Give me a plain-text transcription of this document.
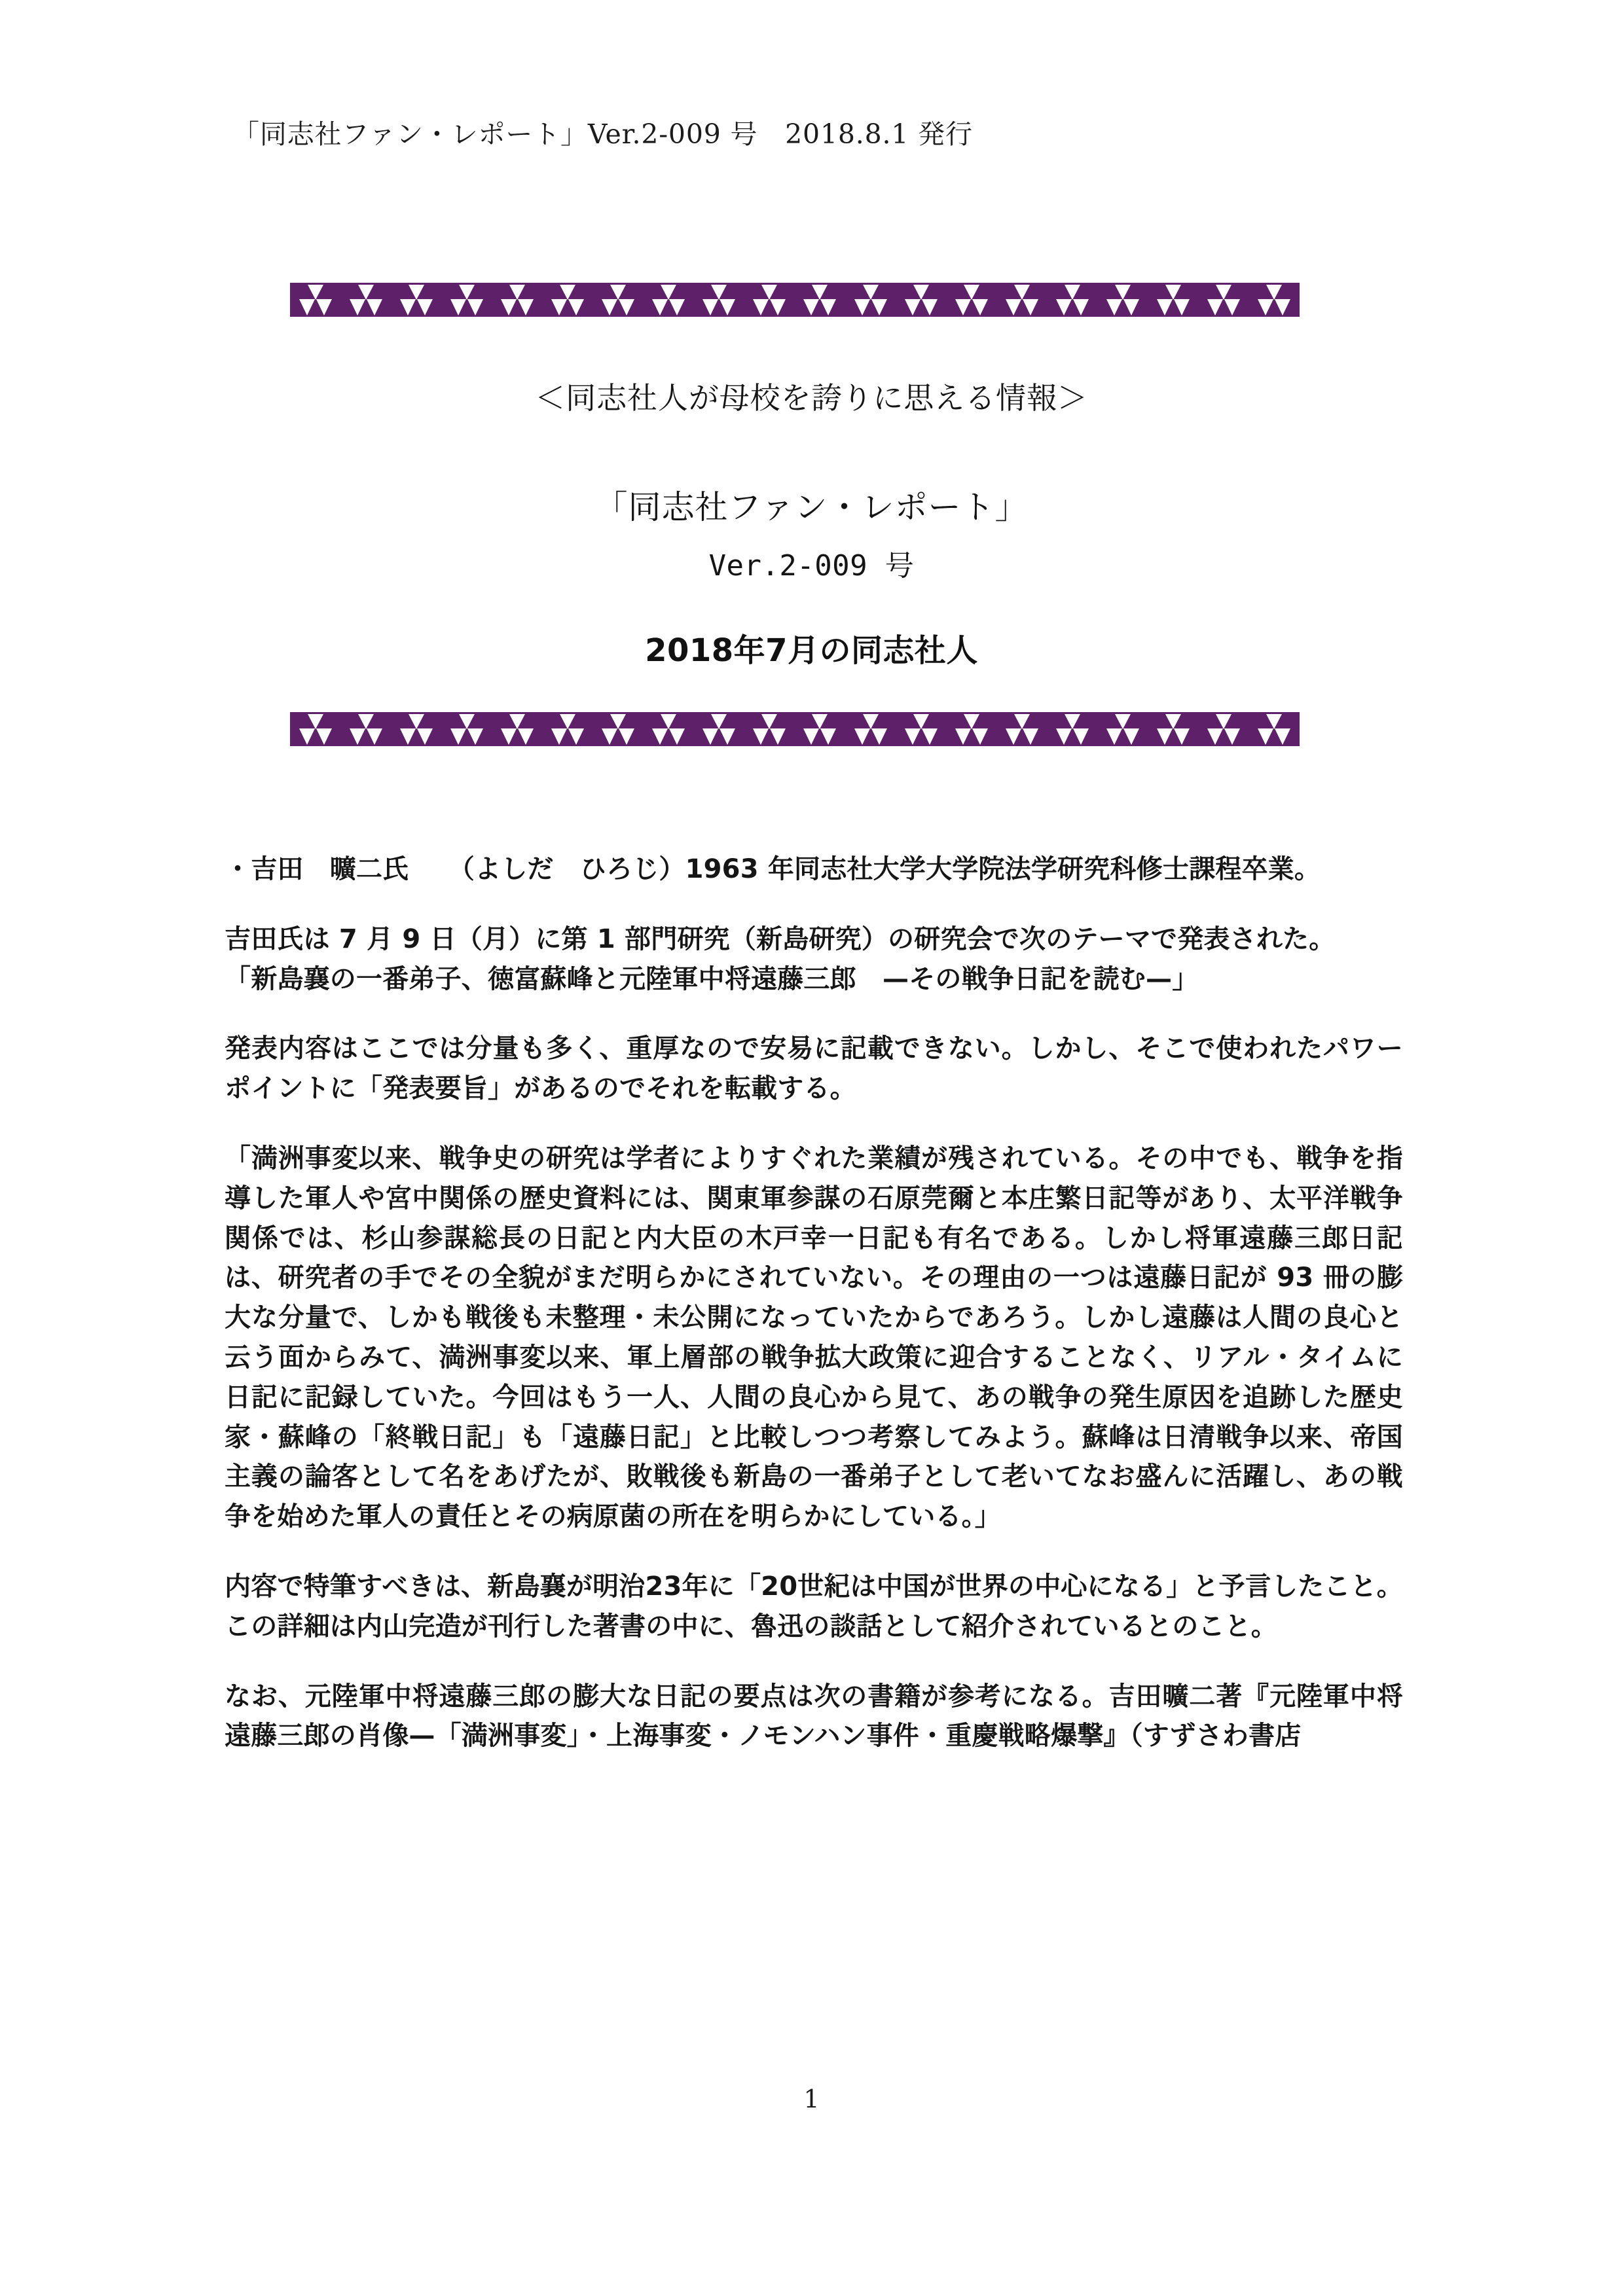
「同志社ファン・レポート」Ver.2-009 号　2018.8.1 発行
＜同志社人が母校を誇りに思える情報＞
「同志社ファン・レポート」
Ver.2-009 号
2018年7月の同志社人

・吉田　曠二氏　　（よしだ　ひろじ）1963 年同志社大学大学院法学研究科修士課程卒業。

吉田氏は 7 月 9 日（月）に第 1 部門研究（新島研究）の研究会で次のテーマで発表された。

「新島襄の一番弟子、徳富蘇峰と元陸軍中将遠藤三郎　—その戦争日記を読む—」

発表内容はここでは分量も多く、重厚なので安易に記載できない。しかし、そこで使われたパワーポイントに「発表要旨」があるのでそれを転載する。

「満洲事変以来、戦争史の研究は学者によりすぐれた業績が残されている。その中でも、戦争を指導した軍人や宮中関係の歴史資料には、関東軍参謀の石原莞爾と本庄繁日記等があり、太平洋戦争関係では、杉山参謀総長の日記と内大臣の木戸幸一日記も有名である。しかし将軍遠藤三郎日記は、研究者の手でその全貌がまだ明らかにされていない。その理由の一つは遠藤日記が 93 冊の膨大な分量で、しかも戦後も未整理・未公開になっていたからであろう。しかし遠藤は人間の良心と云う面からみて、満洲事変以来、軍上層部の戦争拡大政策に迎合することなく、リアル・タイムに日記に記録していた。今回はもう一人、人間の良心から見て、あの戦争の発生原因を追跡した歴史家・蘇峰の「終戦日記」も「遠藤日記」と比較しつつ考察してみよう。蘇峰は日清戦争以来、帝国主義の論客として名をあげたが、敗戦後も新島の一番弟子として老いてなお盛んに活躍し、あの戦争を始めた軍人の責任とその病原菌の所在を明らかにしている。」

内容で特筆すべきは、新島襄が明治23年に「20世紀は中国が世界の中心になる」と予言したこと。この詳細は内山完造が刊行した著書の中に、魯迅の談話として紹介されているとのこと。

なお、元陸軍中将遠藤三郎の膨大な日記の要点は次の書籍が参考になる。吉田曠二著『元陸軍中将遠藤三郎の肖像—「満洲事変」・上海事変・ノモンハン事件・重慶戦略爆撃』（すずさわ書店

1
